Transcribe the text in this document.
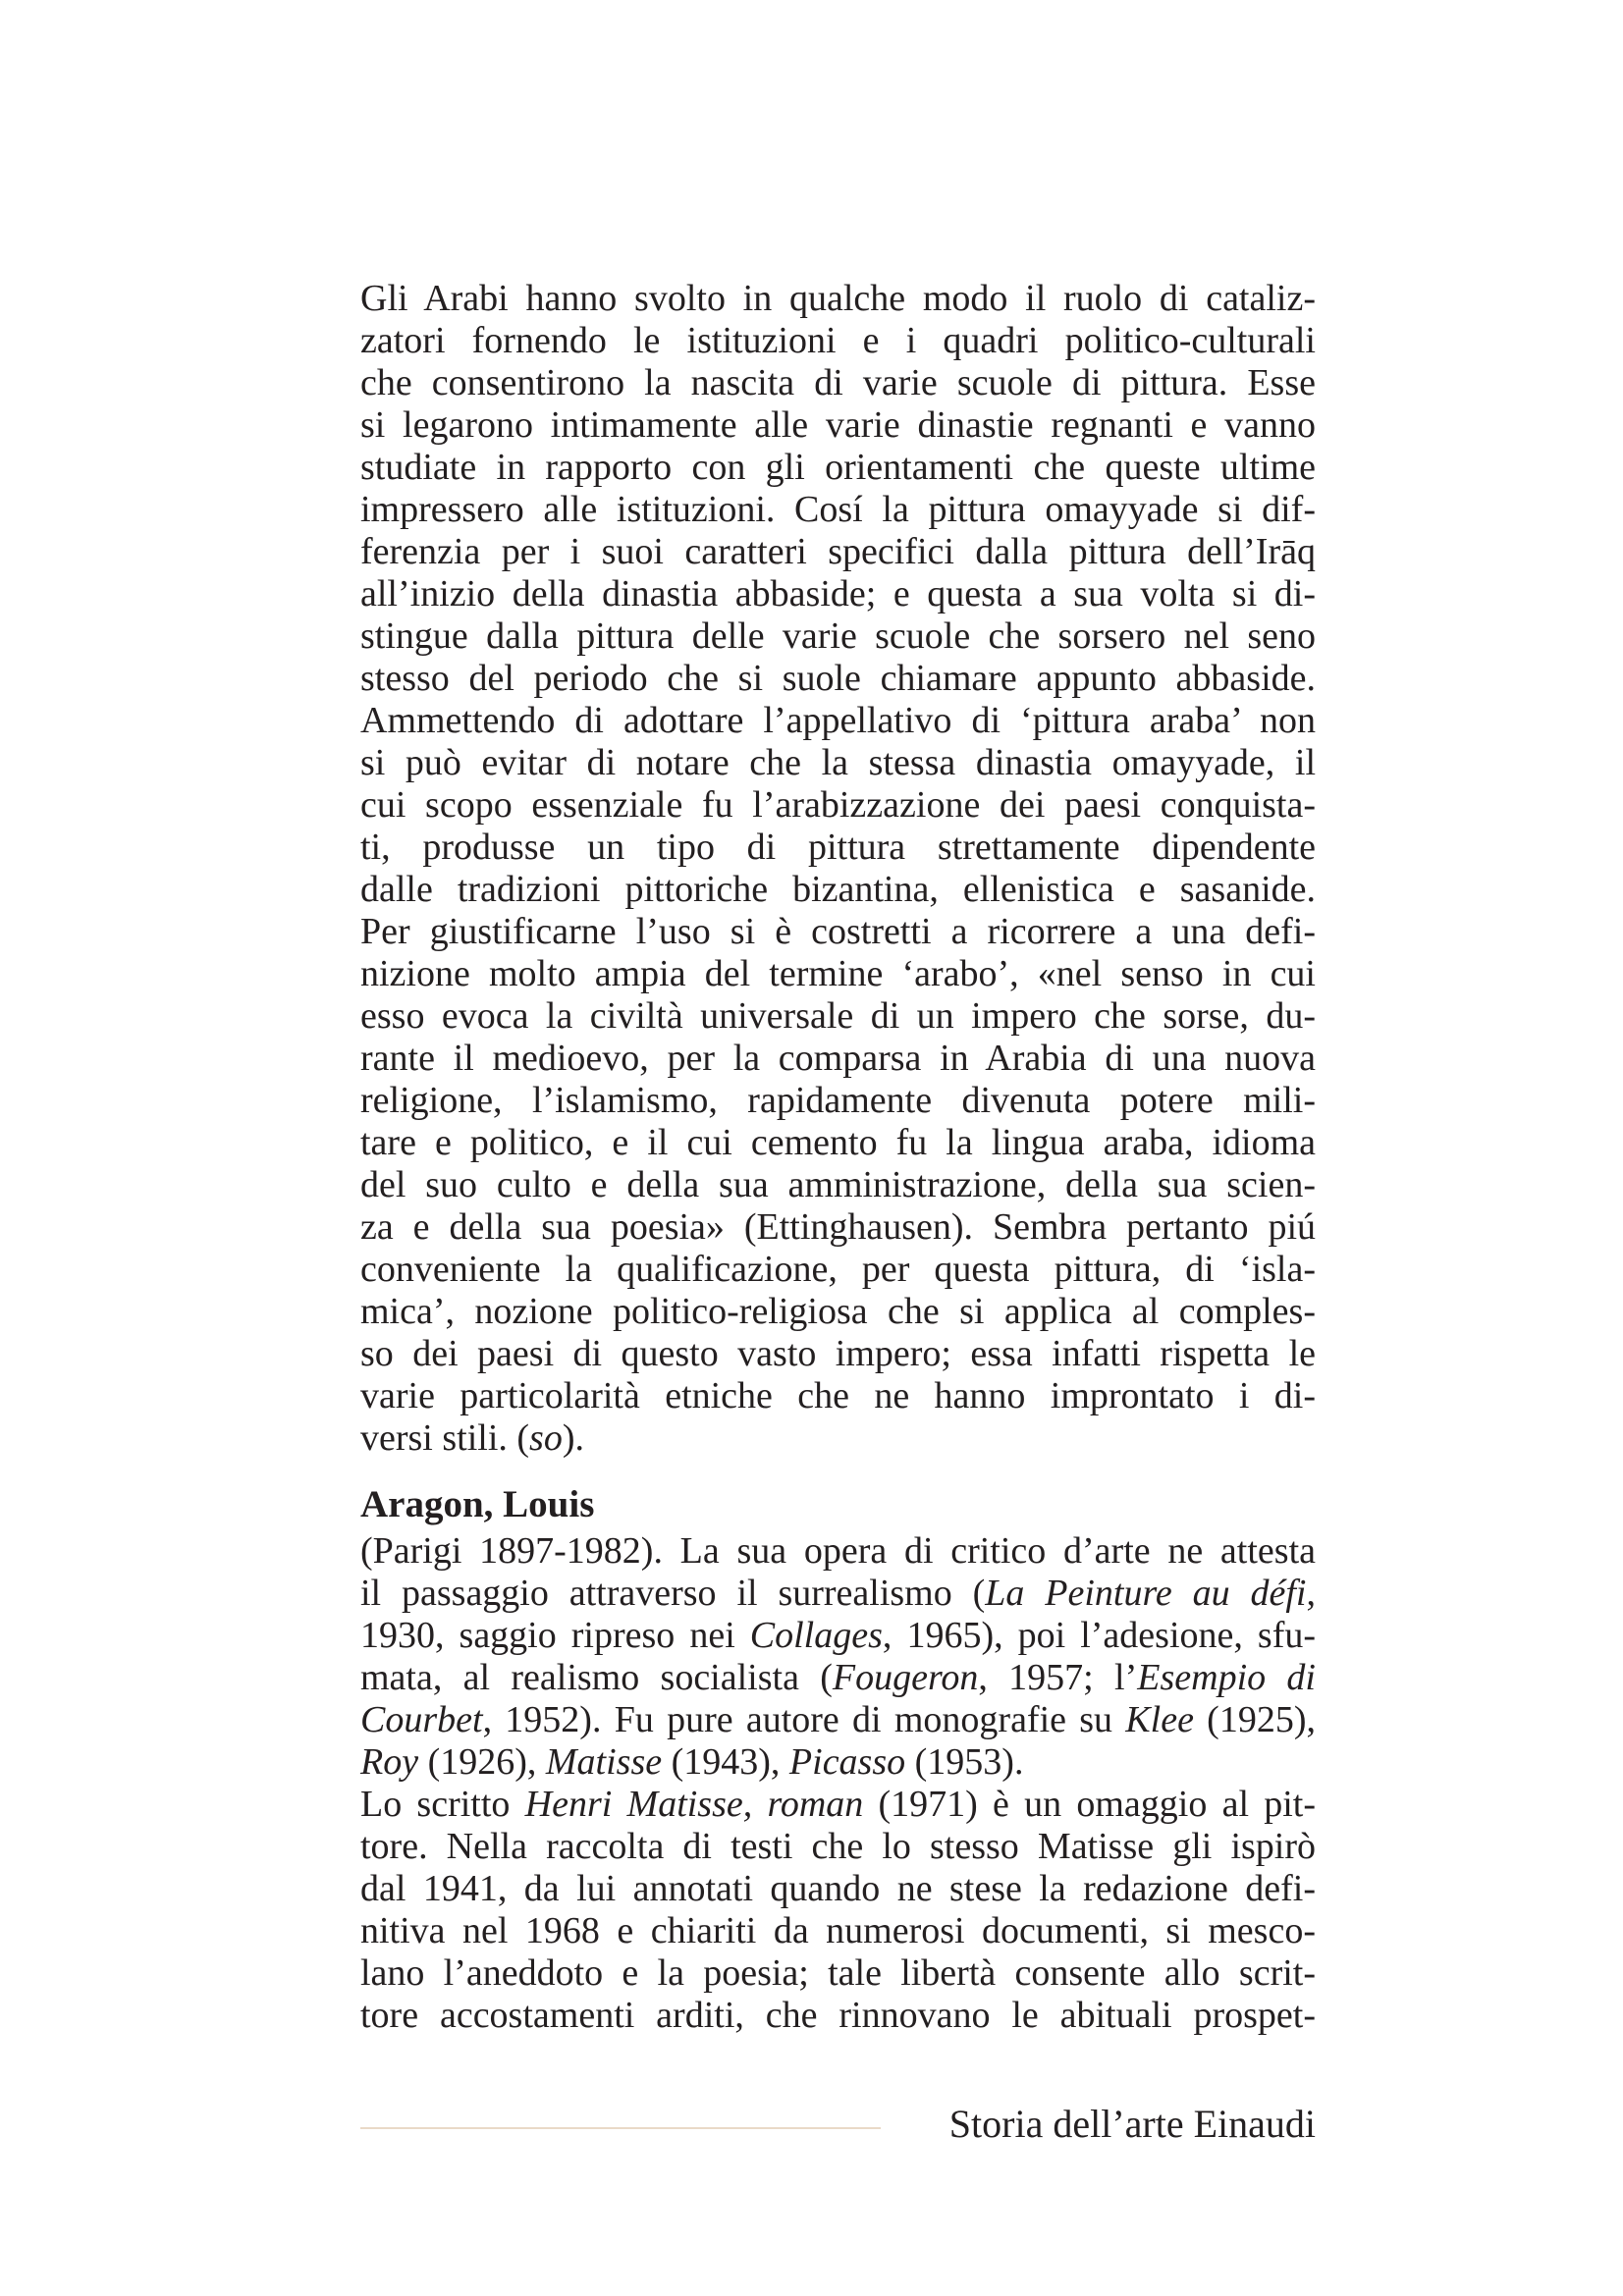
Gli Arabi hanno svolto in qualche modo il ruolo di cataliz-
zatori fornendo le istituzioni e i quadri politico-culturali
che consentirono la nascita di varie scuole di pittura. Esse
si legarono intimamente alle varie dinastie regnanti e vanno
studiate in rapporto con gli orientamenti che queste ultime
impressero alle istituzioni. Cosí la pittura omayyade si dif-
ferenzia per i suoi caratteri specifici dalla pittura dell’Irāq
all’inizio della dinastia abbaside; e questa a sua volta si di-
stingue dalla pittura delle varie scuole che sorsero nel seno
stesso del periodo che si suole chiamare appunto abbaside.
Ammettendo di adottare l’appellativo di ‘pittura araba’ non
si può evitar di notare che la stessa dinastia omayyade, il
cui scopo essenziale fu l’arabizzazione dei paesi conquista-
ti, produsse un tipo di pittura strettamente dipendente
dalle tradizioni pittoriche bizantina, ellenistica e sasanide.
Per giustificarne l’uso si è costretti a ricorrere a una defi-
nizione molto ampia del termine ‘arabo’, «nel senso in cui
esso evoca la civiltà universale di un impero che sorse, du-
rante il medioevo, per la comparsa in Arabia di una nuova
religione, l’islamismo, rapidamente divenuta potere mili-
tare e politico, e il cui cemento fu la lingua araba, idioma
del suo culto e della sua amministrazione, della sua scien-
za e della sua poesia» (Ettinghausen). Sembra pertanto piú
conveniente la qualificazione, per questa pittura, di ‘isla-
mica’, nozione politico-religiosa che si applica al comples-
so dei paesi di questo vasto impero; essa infatti rispetta le
varie particolarità etniche che ne hanno improntato i di-
versi stili. (so).
Aragon, Louis
(Parigi 1897-1982). La sua opera di critico d’arte ne attesta
il passaggio attraverso il surrealismo (La Peinture au défi,
1930, saggio ripreso nei Collages, 1965), poi l’adesione, sfu-
mata, al realismo socialista (Fougeron, 1957; l’Esempio di
Courbet, 1952). Fu pure autore di monografie su Klee (1925),
Roy (1926), Matisse (1943), Picasso (1953).
Lo scritto Henri Matisse, roman (1971) è un omaggio al pit-
tore. Nella raccolta di testi che lo stesso Matisse gli ispirò
dal 1941, da lui annotati quando ne stese la redazione defi-
nitiva nel 1968 e chiariti da numerosi documenti, si mesco-
lano l’aneddoto e la poesia; tale libertà consente allo scrit-
tore accostamenti arditi, che rinnovano le abituali prospet-
Storia dell’arte Einaudi
